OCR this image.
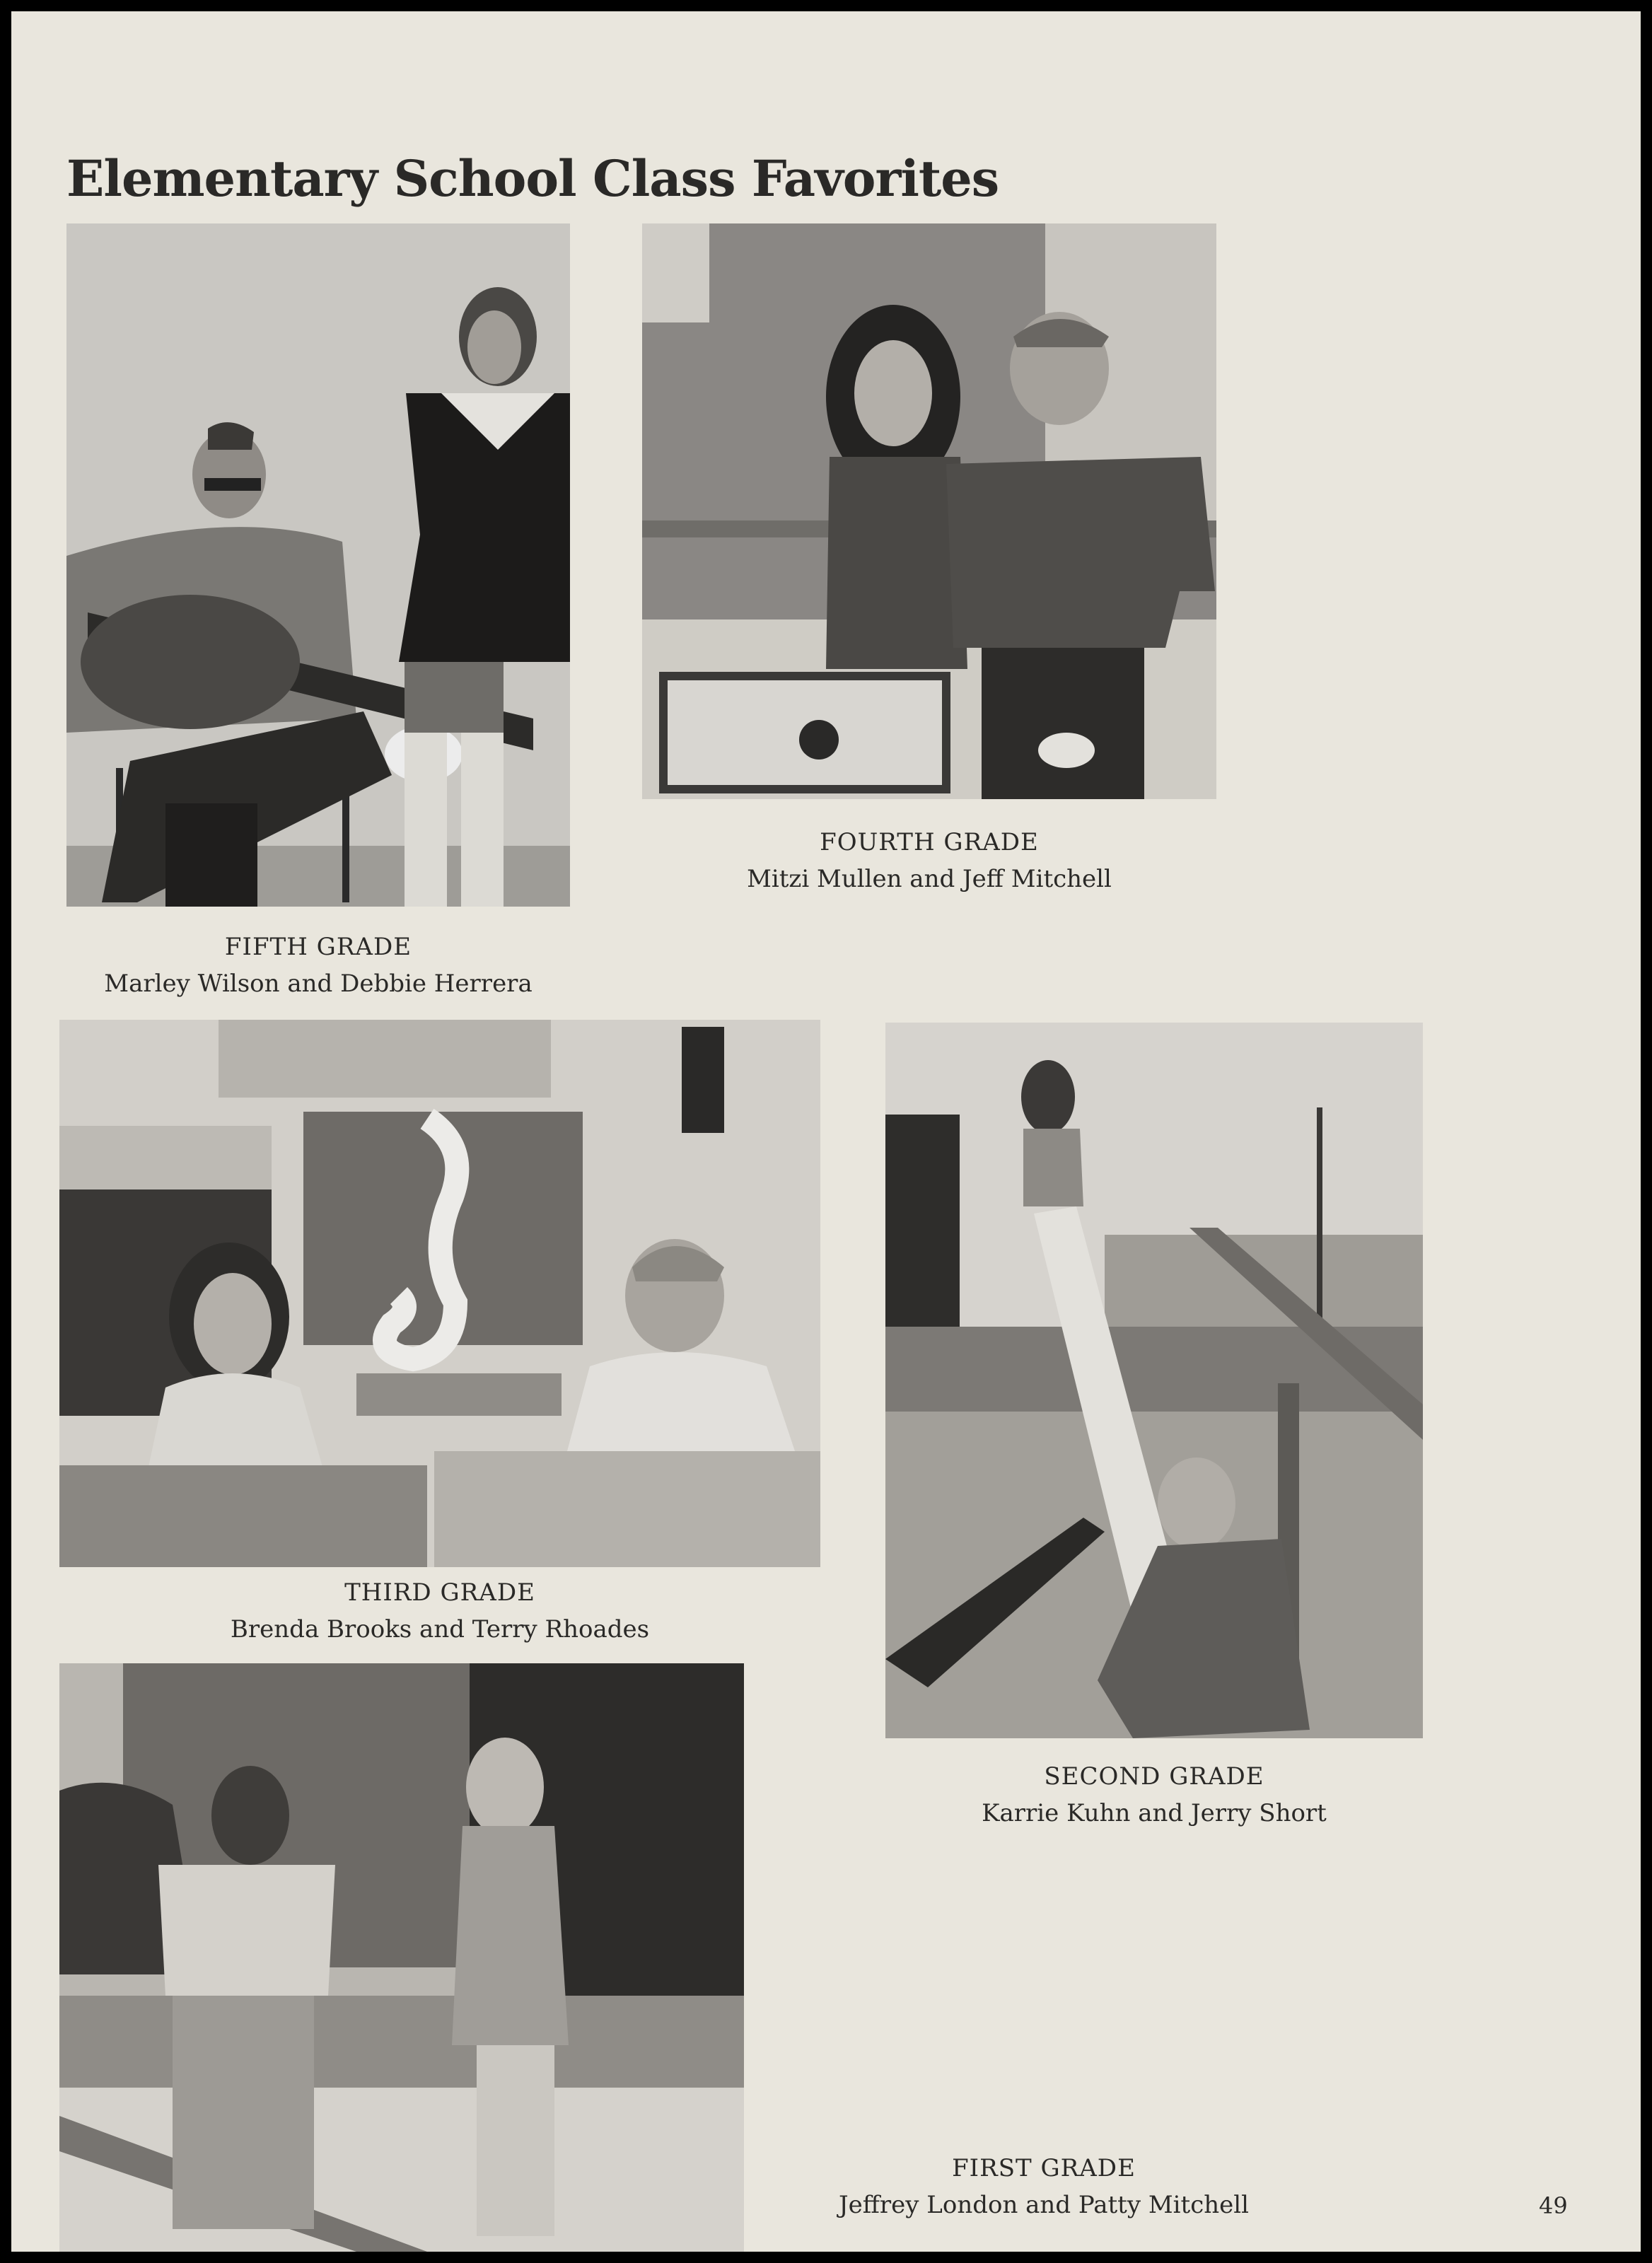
Elementary School Class Favorites
FIFTH GRADE
Marley Wilson and Debbie Herrera
FOURTH GRADE
Mitzi Mullen and Jeff Mitchell
THIRD GRADE
Brenda Brooks and Terry Rhoades
SECOND GRADE
Karrie Kuhn and Jerry Short
FIRST GRADE
Jeffrey London and Patty Mitchell	49
